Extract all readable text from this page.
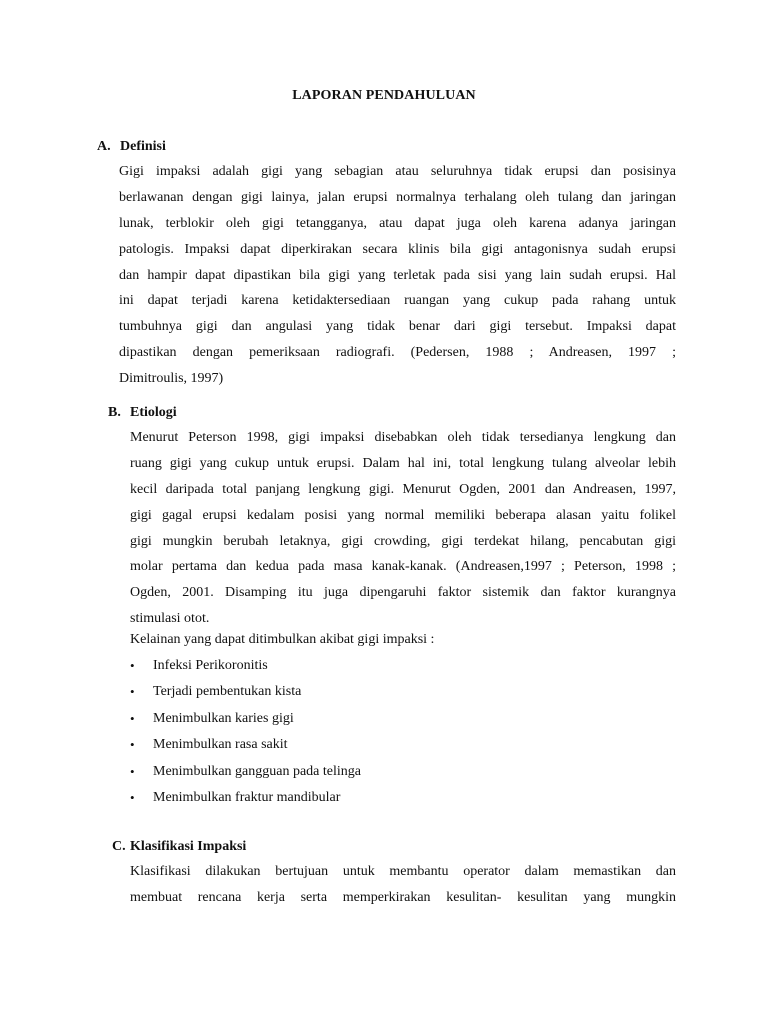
LAPORAN PENDAHULUAN
A. Definisi
Gigi impaksi adalah gigi yang sebagian atau seluruhnya tidak erupsi dan posisinya
berlawanan dengan gigi lainya, jalan erupsi normalnya terhalang oleh tulang dan jaringan
lunak, terblokir oleh gigi tetangganya, atau dapat juga oleh karena adanya jaringan
patologis. Impaksi dapat diperkirakan secara klinis bila gigi antagonisnya sudah erupsi
dan hampir dapat dipastikan bila gigi yang terletak pada sisi yang lain sudah erupsi. Hal
ini dapat terjadi karena ketidaktersediaan ruangan yang cukup pada rahang untuk
tumbuhnya gigi dan angulasi yang tidak benar dari gigi tersebut. Impaksi dapat
dipastikan dengan pemeriksaan radiografi. (Pedersen, 1988 ; Andreasen, 1997 ;
Dimitroulis, 1997)
B. Etiologi
Menurut Peterson 1998, gigi impaksi disebabkan oleh tidak tersedianya lengkung dan
ruang gigi yang cukup untuk erupsi. Dalam hal ini, total lengkung tulang alveolar lebih
kecil daripada total panjang lengkung gigi. Menurut Ogden, 2001 dan Andreasen, 1997,
gigi gagal erupsi kedalam posisi yang normal memiliki beberapa alasan yaitu folikel
gigi mungkin berubah letaknya, gigi crowding, gigi terdekat hilang, pencabutan gigi
molar pertama dan kedua pada masa kanak-kanak. (Andreasen,1997 ; Peterson, 1998 ;
Ogden, 2001. Disamping itu juga dipengaruhi faktor sistemik dan faktor kurangnya
stimulasi otot.
Kelainan yang dapat ditimbulkan akibat gigi impaksi :
• Infeksi Perikoronitis
• Terjadi pembentukan kista
• Menimbulkan karies gigi
• Menimbulkan rasa sakit
• Menimbulkan gangguan pada telinga
• Menimbulkan fraktur mandibular
C. Klasifikasi Impaksi
Klasifikasi dilakukan bertujuan untuk membantu operator dalam memastikan dan
membuat rencana kerja serta memperkirakan kesulitan- kesulitan yang mungkin
